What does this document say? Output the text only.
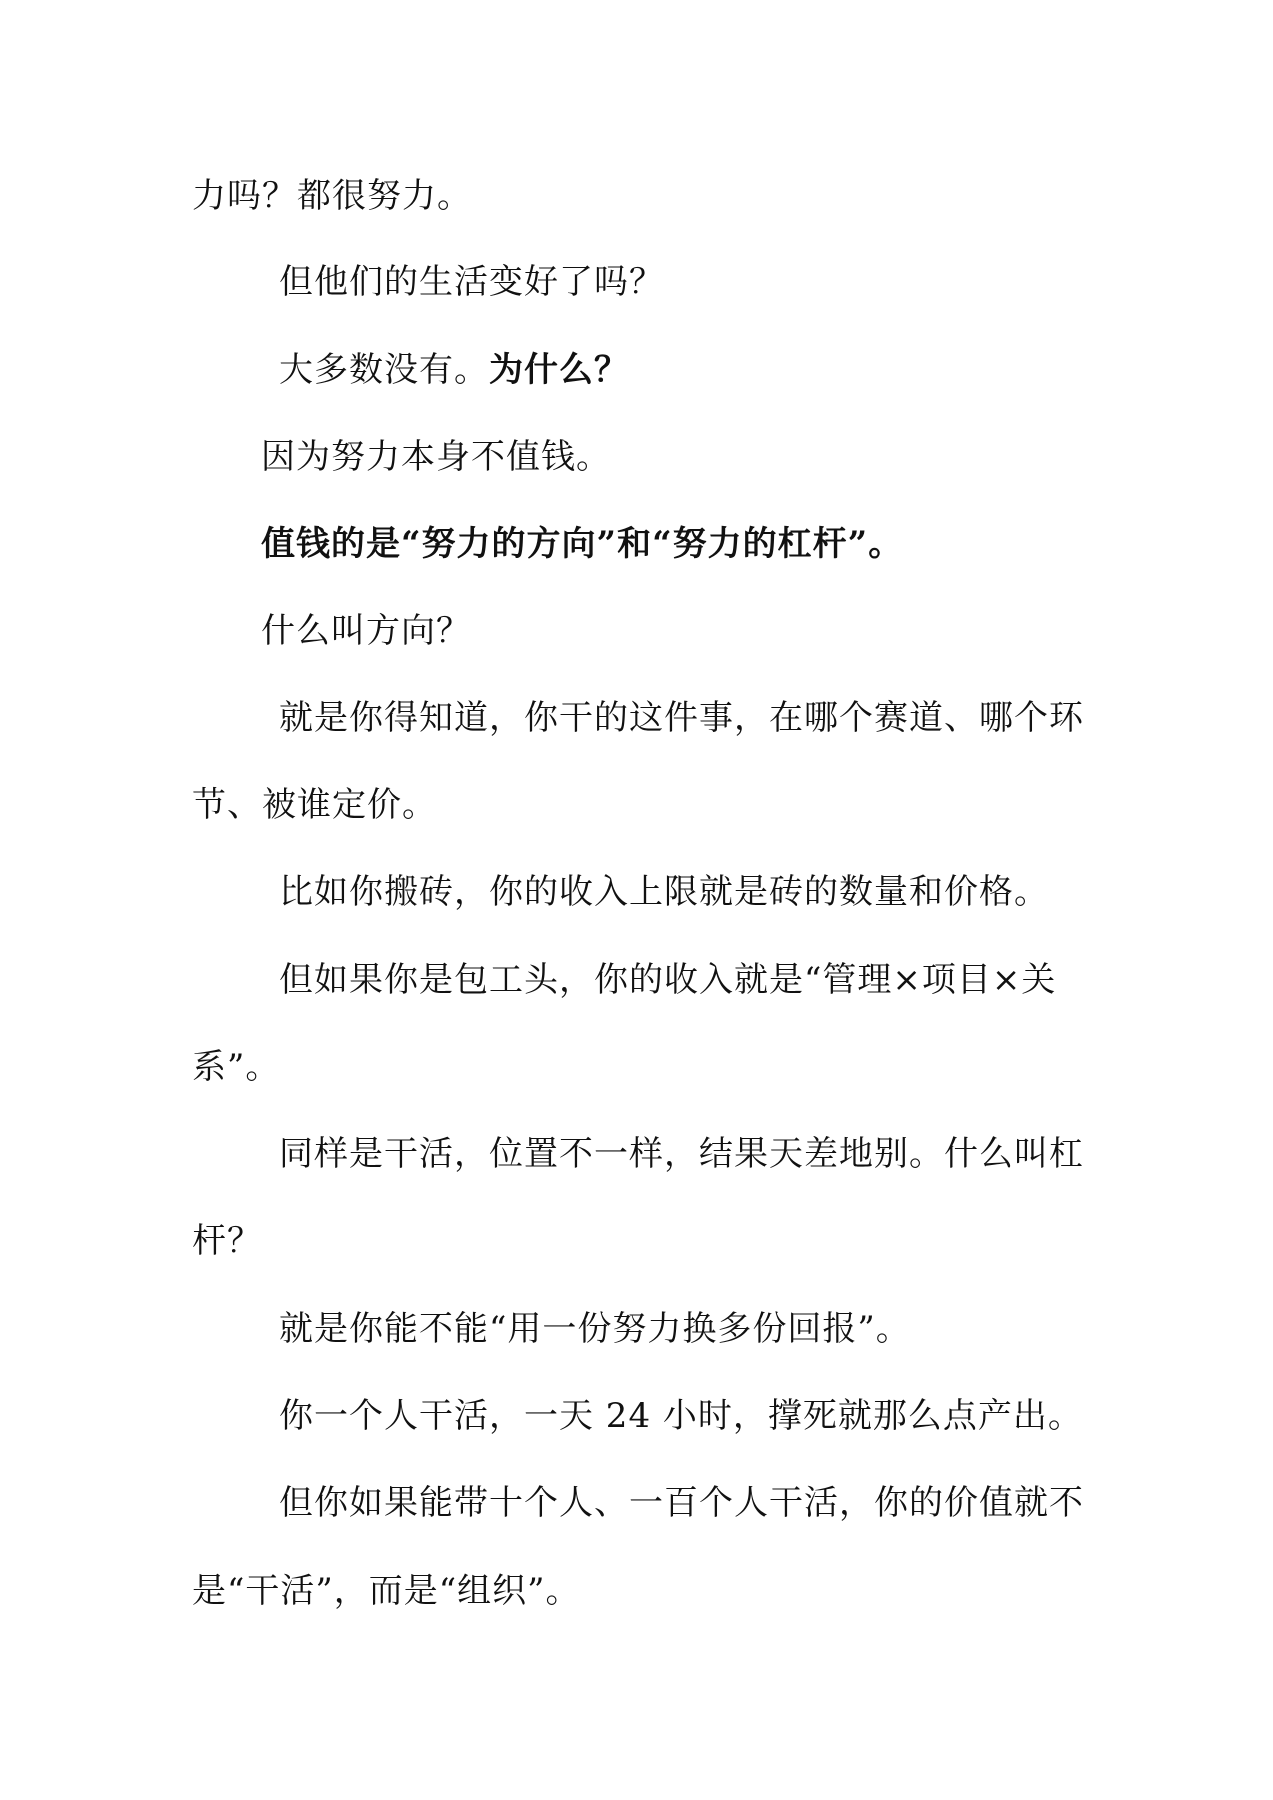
力吗？都很努力。
但他们的生活变好了吗？
大多数没有。为什么？
因为努力本身不值钱。
值钱的是“努力的方向”和“努力的杠杆”。
什么叫方向？
就是你得知道，你干的这件事，在哪个赛道、哪个环
节、被谁定价。
比如你搬砖，你的收入上限就是砖的数量和价格。
但如果你是包工头，你的收入就是“管理×项目×关
系”。
同样是干活，位置不一样，结果天差地别。什么叫杠
杆？
就是你能不能“用一份努力换多份回报”。
你一个人干活，一天 24 小时，撑死就那么点产出。
但你如果能带十个人、一百个人干活，你的价值就不
是“干活”，而是“组织”。
